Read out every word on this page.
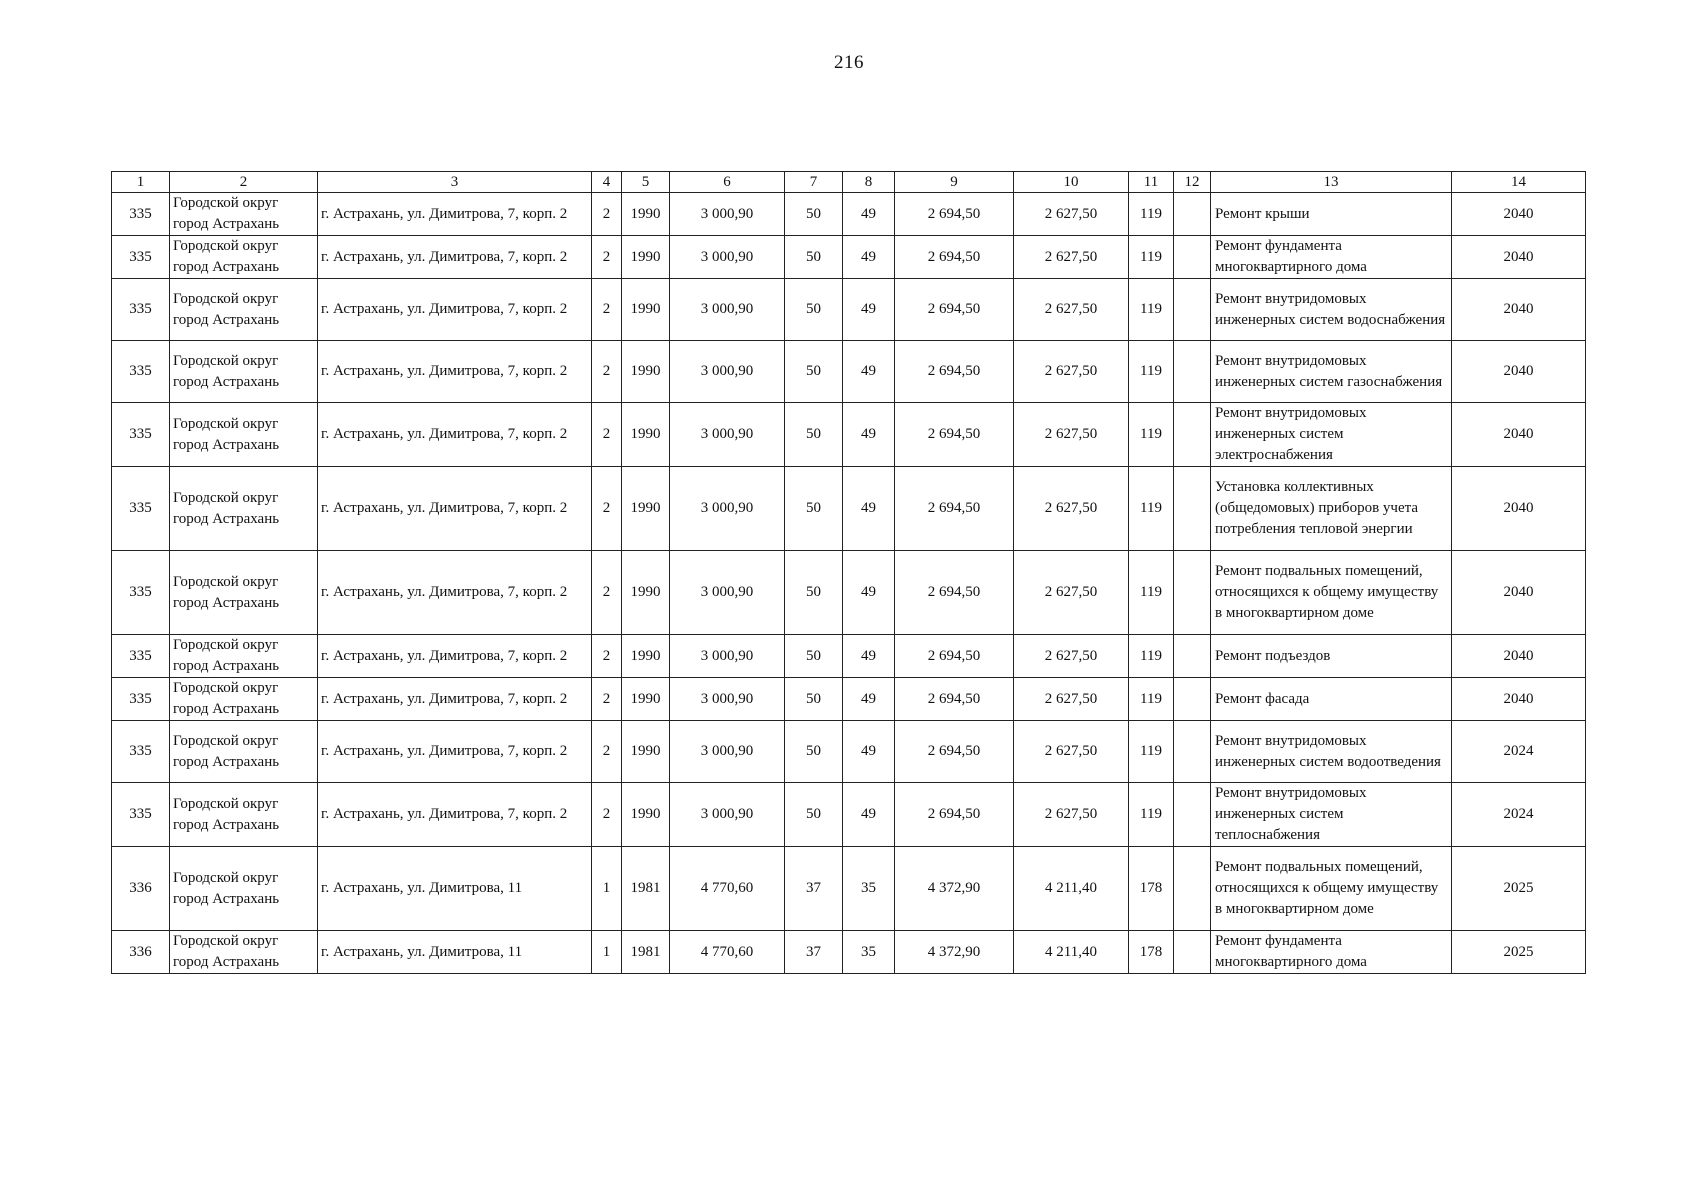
216
1	2	3	4	5	6	7	8	9	10	11	12	13	14
335	Городской округ город Астрахань	г. Астрахань, ул. Димитрова, 7, корп. 2	2	1990	3 000,90	50	49	2 694,50	2 627,50	119		Ремонт крыши	2040
335	Городской округ город Астрахань	г. Астрахань, ул. Димитрова, 7, корп. 2	2	1990	3 000,90	50	49	2 694,50	2 627,50	119		Ремонт фундамента многоквартирного дома	2040
335	Городской округ город Астрахань	г. Астрахань, ул. Димитрова, 7, корп. 2	2	1990	3 000,90	50	49	2 694,50	2 627,50	119		Ремонт внутридомовых инженерных систем водоснабжения	2040
335	Городской округ город Астрахань	г. Астрахань, ул. Димитрова, 7, корп. 2	2	1990	3 000,90	50	49	2 694,50	2 627,50	119		Ремонт внутридомовых инженерных систем газоснабжения	2040
335	Городской округ город Астрахань	г. Астрахань, ул. Димитрова, 7, корп. 2	2	1990	3 000,90	50	49	2 694,50	2 627,50	119		Ремонт внутридомовых инженерных систем электроснабжения	2040
335	Городской округ город Астрахань	г. Астрахань, ул. Димитрова, 7, корп. 2	2	1990	3 000,90	50	49	2 694,50	2 627,50	119		Установка коллективных (общедомовых) приборов учета потребления тепловой энергии	2040
335	Городской округ город Астрахань	г. Астрахань, ул. Димитрова, 7, корп. 2	2	1990	3 000,90	50	49	2 694,50	2 627,50	119		Ремонт подвальных помещений, относящихся к общему имуществу в многоквартирном доме	2040
335	Городской округ город Астрахань	г. Астрахань, ул. Димитрова, 7, корп. 2	2	1990	3 000,90	50	49	2 694,50	2 627,50	119		Ремонт подъездов	2040
335	Городской округ город Астрахань	г. Астрахань, ул. Димитрова, 7, корп. 2	2	1990	3 000,90	50	49	2 694,50	2 627,50	119		Ремонт фасада	2040
335	Городской округ город Астрахань	г. Астрахань, ул. Димитрова, 7, корп. 2	2	1990	3 000,90	50	49	2 694,50	2 627,50	119		Ремонт внутридомовых инженерных систем водоотведения	2024
335	Городской округ город Астрахань	г. Астрахань, ул. Димитрова, 7, корп. 2	2	1990	3 000,90	50	49	2 694,50	2 627,50	119		Ремонт внутридомовых инженерных систем теплоснабжения	2024
336	Городской округ город Астрахань	г. Астрахань, ул. Димитрова, 11	1	1981	4 770,60	37	35	4 372,90	4 211,40	178		Ремонт подвальных помещений, относящихся к общему имуществу в многоквартирном доме	2025
336	Городской округ город Астрахань	г. Астрахань, ул. Димитрова, 11	1	1981	4 770,60	37	35	4 372,90	4 211,40	178		Ремонт фундамента многоквартирного дома	2025
